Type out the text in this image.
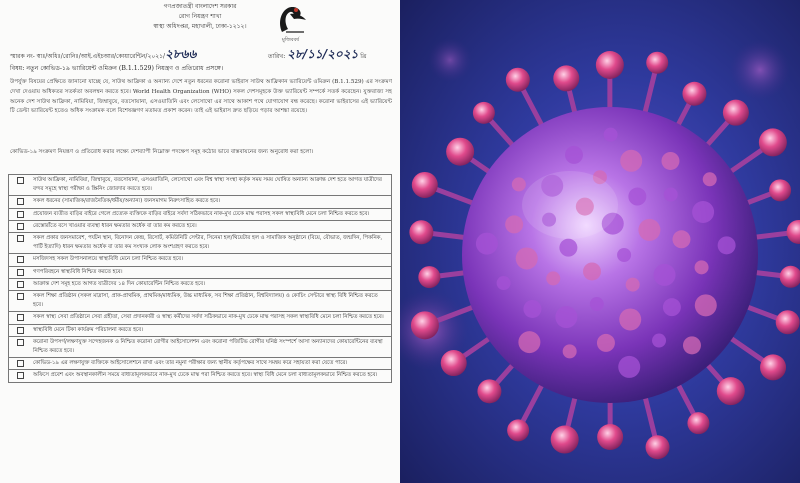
গণপ্রজাতন্ত্রী বাংলাদেশ সরকার
রোগ নিয়ন্ত্রণ শাখা
স্বাস্থ্য অধিদপ্তর, মহাখালী, ঢাকা-১২১২।
মুজিববর্ষ
স্মারক নং- স্বাঃ/অধিঃ/রোনিঃ/আই.এইচআর/কোয়ারেন্টিন/২০২১/২৮৬৬	তারিখ: ২৮/১১/২০২১ খ্রি
বিষয়: নতুন কোভিড-১৯ ভ্যারিয়েন্ট ওমিক্রন (B.1.1.529) নিয়ন্ত্রণ ও প্রতিরোধ প্রসঙ্গে।
উপর্যুক্ত বিষয়ের প্রেক্ষিতে জানানো যাচ্ছে যে, সাউথ আফ্রিকা ও অন্যান্য দেশে নতুন ধরনের করোনা ভাইরাস সাউথ আফ্রিকান ভ্যারিয়েন্ট ওমিক্রন (B.1.1.529) এর সংক্রমণ দেখা দেওয়ায় অধিকতর সতর্কতা অবলম্বন করতে হবে। World Health Organization (WHO) সকল দেশসমূহকে উক্ত ভ্যারিয়েন্ট সম্পর্কে সতর্ক করেছেন। যুক্তরাজ্য সহ অনেক দেশ সাউথ আফ্রিকা, নামিবিয়া, জিম্বাবুয়ে, বতসোয়ানা, এসওয়াতিনি এবং লেসোথো এর সাথে আকাশ পথে যোগাযোগ বন্ধ করেছে। করোনা ভাইরাসের এই ভ্যারিয়েন্ট টি ডেল্টা ভ্যারিয়েন্ট হতেও অধিক সংক্রামক বলে বিশেষজ্ঞগণ মতামত প্রকাশ করেন। তাই এই ভাইরাস দ্রুত ছড়িয়ে পড়ার আশঙ্কা রয়েছে।
কোভিড-১৯ সংক্রমণ নিয়ন্ত্রণ ও প্রতিরোধ করার লক্ষ্যে দেশব্যাপী নিম্নোক্ত পদক্ষেপ সমূহ কঠোর ভাবে বাস্তবায়নের জন্য অনুরোধ করা হলো।
সাউথ আফ্রিকা, নামিবিয়া, জিম্বাবুয়ে, বতসোয়ানা, এসওয়াতিনি, লেসোথো এবং বিশ্ব স্বাস্থ্য সংস্থা কর্তৃক সময় সময় ঘোষিত অন্যান্য আক্রান্ত দেশ হতে আগত যাত্রীদের বন্দর সমূহে স্বাস্থ্য পরীক্ষা ও স্ক্রিনিং জোরদার করতে হবে।
সকল ধরনের (সামাজিক/রাজনৈতিক/ধর্মীয়/অন্যান্য) জনসমাগম নিরুৎসাহিত করতে হবে।
প্রয়োজন ব্যতীত বাড়ির বাইরে গেলে প্রত্যেক ব্যক্তিকে বাড়ির বাইরে সর্বদা সঠিকভাবে নাক-মুখ ঢেকে মাস্ক পরাসহ সকল স্বাস্থ্যবিধি মেনে চলা নিশ্চিত করতে হবে।
রেস্তোরাঁতে বসে খাওয়ার ব্যবস্থা ধারন ক্ষমতার অর্ধেক বা তার কম করতে হবে।
সকল প্রকার জনসমাবেশ, পর্যটন স্থান, বিনোদন কেন্দ্র, রিসোর্ট, কমিউনিটি সেন্টার, সিনেমা হল/থিয়েটার হল ও সামাজিক অনুষ্ঠানে (বিয়ে, বৌভাত, জন্মদিন, পিকনিক, পার্টি ইত্যাদি) ধারন ক্ষমতার অর্ধেক বা তার কম সংখ্যক লোক অংশগ্রহণ করতে হবে।
মসজিদসহ সকল উপাসনালয়ে স্বাস্থ্যবিধি মেনে চলা নিশ্চিত করতে হবে।
গণপরিবহনে স্বাস্থ্যবিধি নিশ্চিত করতে হবে।
আক্রান্ত দেশ সমূহ হতে আগত যাত্রীদের ১৪ দিন কোয়ারেন্টিন নিশ্চিত করতে হবে।
সকল শিক্ষা প্রতিষ্ঠান (সকল মাদ্রাসা, প্রাক-প্রাথমিক, প্রাথমিক/মাধ্যমিক, উচ্চ মাধ্যমিক, সব শিক্ষা প্রতিষ্ঠান, বিশ্ববিদ্যালয়) ও কোচিং সেন্টারে স্বাস্থ্য বিধি নিশ্চিত করতে হবে।
সকল স্বাস্থ্য সেবা প্রতিষ্ঠানে সেবা গ্রহীতা, সেবা প্রদানকারী ও স্বাস্থ্য কর্মীদের সর্বদা সঠিকভাবে নাক-মুখ ঢেকে মাস্ক পরাসহ সকল স্বাস্থ্যবিধি মেনে চলা নিশ্চিত করতে হবে।
স্বাস্থ্যবিধি মেনে টিকা কার্যক্রম পরিচালনা করতে হবে।
করোনা উপসর্গ/লক্ষণযুক্ত সন্দেহজনক ও নিশ্চিত করোনা রোগীর আইসোলেশন এবং করোনা পজিটিভ রোগীর ঘনিষ্ঠ সংস্পর্শে আসা অন্যান্যদের কোয়ারেন্টিনের ব্যবস্থা নিশ্চিত করতে হবে।
কোভিড-১৯ এর লক্ষণযুক্ত ব্যক্তিকে আইসোলেশনে রাখা এবং তার নমুনা পরীক্ষার জন্য স্থানীয় কর্তৃপক্ষের সাথে সমন্বয় করে সহায়তা করা যেতে পারে।
অফিসে প্রবেশ এবং অবস্থানকালীন সময়ে বাধ্যতামূলকভাবে নাক-মুখ ঢেকে মাস্ক পরা নিশ্চিত করতে হবে। স্বাস্থ্য বিধি মেনে চলা বাধ্যতামূলকভাবে নিশ্চিত করতে হবে।
